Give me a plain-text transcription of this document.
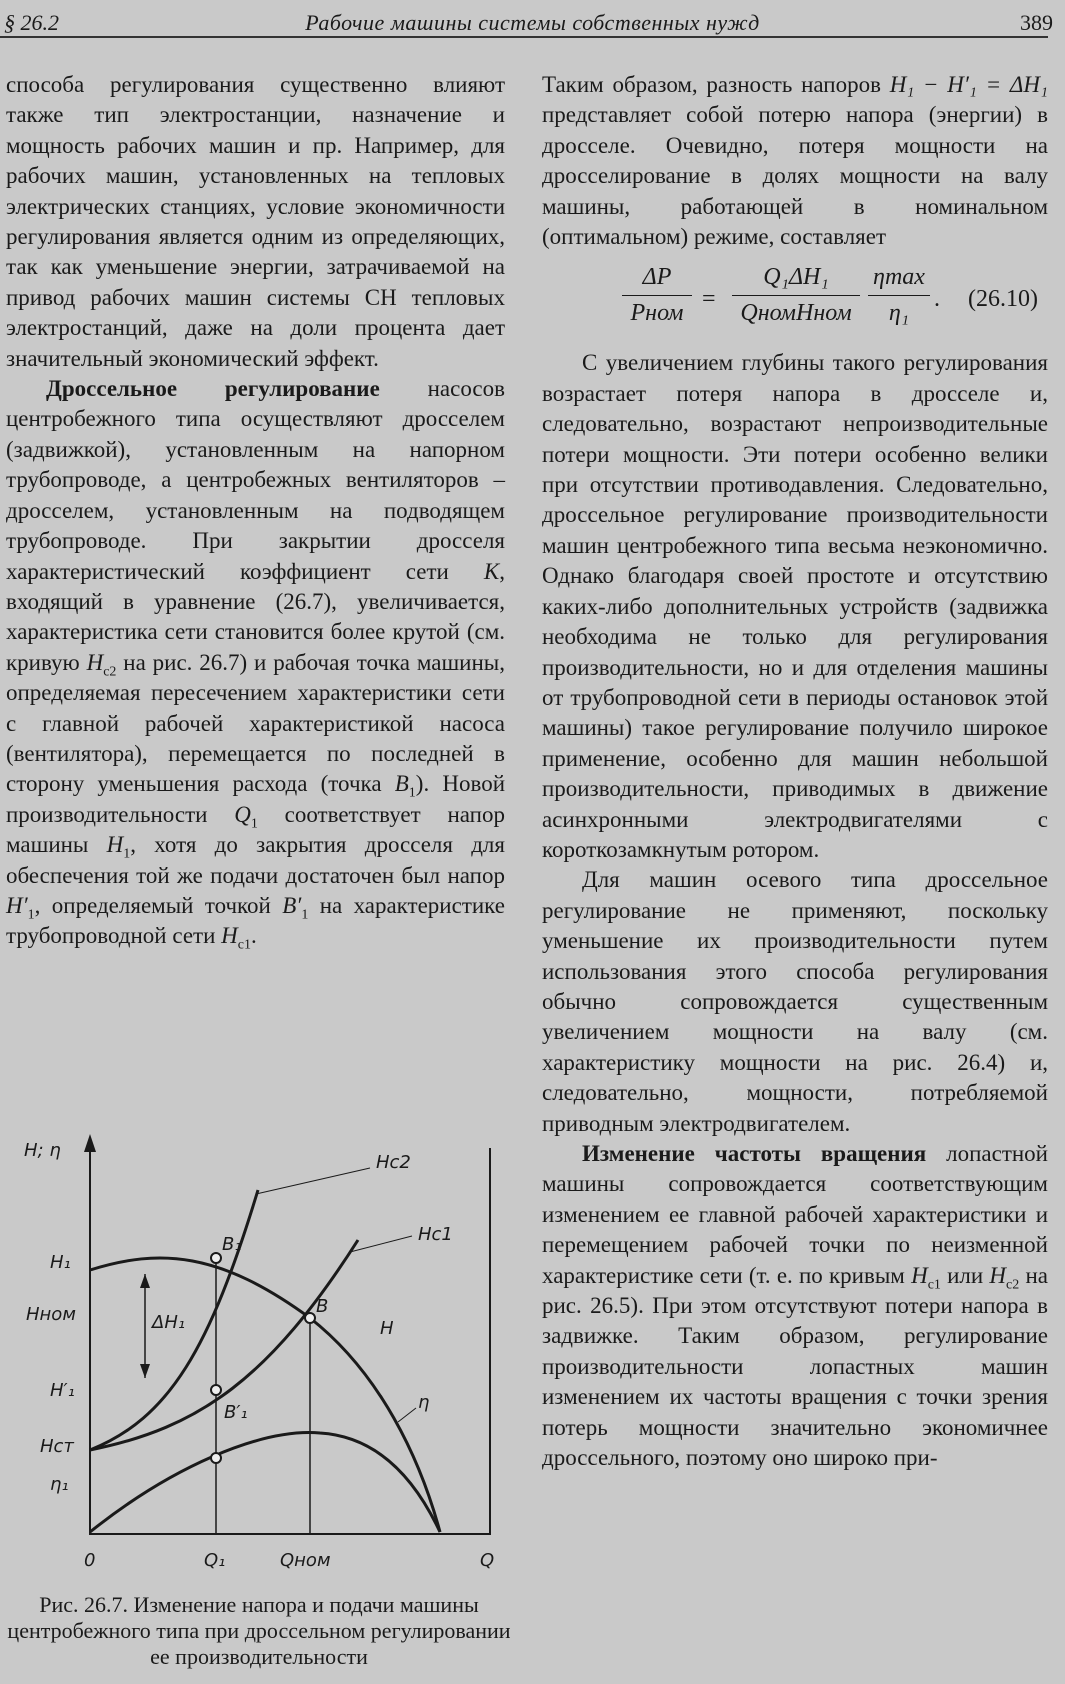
§ 26.2	Рабочие машины системы собственных нужд	389

способа регулирования существенно влияют также тип электростанции, назначение и мощность рабочих машин и пр. Например, для рабочих машин, установленных на тепловых электрических станциях, условие экономичности регулирования является одним из определяющих, так как уменьшение энергии, затрачиваемой на привод рабочих машин системы СН тепловых электростанций, даже на доли процента дает значительный экономический эффект.

Дроссельное регулирование насосов центробежного типа осуществляют дросселем (задвижкой), установленным на напорном трубопроводе, а центробежных вентиляторов – дросселем, установленным на подводящем трубопроводе. При закрытии дросселя характеристический коэффициент сети K, входящий в уравнение (26.7), увеличивается, характеристика сети становится более крутой (см. кривую $H_{c2}$ на рис. 26.7) и рабочая точка машины, определяемая пересечением характеристики сети с главной рабочей характеристикой насоса (вентилятора), перемещается по последней в сторону уменьшения расхода (точка $B_1$). Новой производительности $Q_1$ соответствует напор машины $H_1$, хотя до закрытия дросселя для обеспечения той же подачи достаточен был напор $H'_1$, определяемый точкой $B'_1$ на характеристике трубопроводной сети $H_{c1}$.

Таким образом, разность напоров H₁ − H′₁ = ΔH₁ представляет собой потерю напора (энергии) в дросселе. Очевидно, потеря мощности на дросселирование в долях мощности на валу машины, работающей в номинальном (оптимальном) режиме, составляет

ΔP
Pном
=
Q₁ΔH₁
QномHном
ηmax
η₁
. (26.10)

С увеличением глубины такого регулирования возрастает потеря напора в дросселе и, следовательно, возрастают непроизводительные потери мощности. Эти потери особенно велики при отсутствии противодавления. Следовательно, дроссельное регулирование производительности машин центробежного типа весьма неэкономично. Однако благодаря своей простоте и отсутствию каких-либо дополнительных устройств (задвижка необходима не только для регулирования производительности, но и для отделения машины от трубопроводной сети в периоды остановок этой машины) такое регулирование получило широкое применение, особенно для машин небольшой производительности, приводимых в движение асинхронными электродвигателями с короткозамкнутым ротором.

Для машин осевого типа дроссельное регулирование не применяют, поскольку уменьшение их производительности путем использования этого способа регулирования обычно сопровождается существенным увеличением мощности на валу (см. характеристику мощности на рис. 26.4) и, следовательно, мощности, потребляемой приводным электродвигателем.

Изменение частоты вращения лопастной машины сопровождается соответствующим изменением ее главной рабочей характеристики и перемещением рабочей точки по неизменной характеристике сети (т. е. по кривым $H_{c1}$ или $H_{c2}$ на рис. 26.5). При этом отсутствуют потери напора в задвижке. Таким образом, регулирование производительности лопастных машин изменением их частоты вращения с точки зрения потерь мощности значительно экономичнее дроссельного, поэтому оно широко при-

H; η
H₁
Hном
H′₁
Hст
η₁
0	Q₁	Qном	Q
Hc2
Hc1
H
η
ΔH₁
B₁
B
B′₁
Рис. 26.7. Изменение напора и подачи машины центробежного типа при дроссельном регулировании ее производительности
